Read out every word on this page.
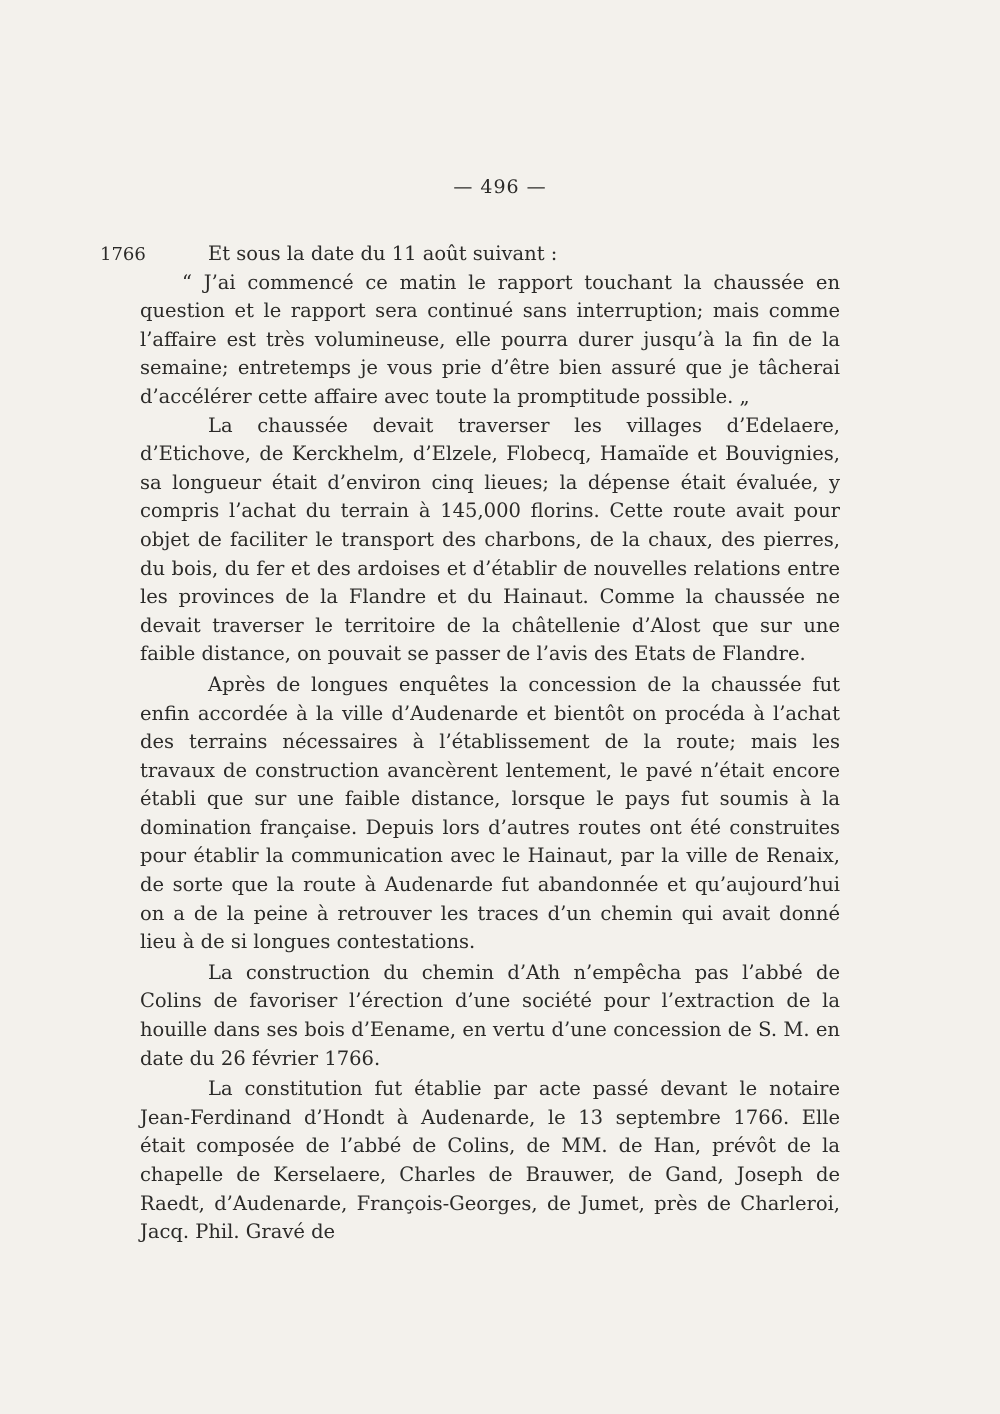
— 496 —
1766	Et sous la date du 11 août suivant :

“ J’ai commencé ce matin le rapport touchant la chaussée en question et le rapport sera continué sans interruption; mais comme l’affaire est très volumineuse, elle pourra durer jusqu’à la fin de la semaine; entretemps je vous prie d’être bien assuré que je tâcherai d’accélérer cette affaire avec toute la promptitude possible. „

La chaussée devait traverser les villages d’Edelaere, d’Etichove, de Kerckhelm, d’Elzele, Flobecq, Hamaïde et Bouvignies, sa longueur était d’environ cinq lieues; la dépense était évaluée, y compris l’achat du terrain à 145,000 florins. Cette route avait pour objet de faciliter le transport des charbons, de la chaux, des pierres, du bois, du fer et des ardoises et d’établir de nouvelles relations entre les provinces de la Flandre et du Hainaut. Comme la chaussée ne devait traverser le territoire de la châtellenie d’Alost que sur une faible distance, on pouvait se passer de l’avis des Etats de Flandre.

Après de longues enquêtes la concession de la chaussée fut enfin accordée à la ville d’Audenarde et bientôt on procéda à l’achat des terrains nécessaires à l’établissement de la route; mais les travaux de construction avancèrent lentement, le pavé n’était encore établi que sur une faible distance, lorsque le pays fut soumis à la domination française. Depuis lors d’autres routes ont été construites pour établir la communication avec le Hainaut, par la ville de Renaix, de sorte que la route à Audenarde fut abandonnée et qu’aujourd’hui on a de la peine à retrouver les traces d’un chemin qui avait donné lieu à de si longues contestations.

La construction du chemin d’Ath n’empêcha pas l’abbé de Colins de favoriser l’érection d’une société pour l’extraction de la houille dans ses bois d’Eename, en vertu d’une concession de S. M. en date du 26 février 1766.

La constitution fut établie par acte passé devant le notaire Jean-Ferdinand d’Hondt à Audenarde, le 13 septembre 1766. Elle était composée de l’abbé de Colins, de MM. de Han, prévôt de la chapelle de Kerselaere, Charles de Brauwer, de Gand, Joseph de Raedt, d’Audenarde, François-Georges, de Jumet, près de Charleroi, Jacq. Phil. Gravé de
